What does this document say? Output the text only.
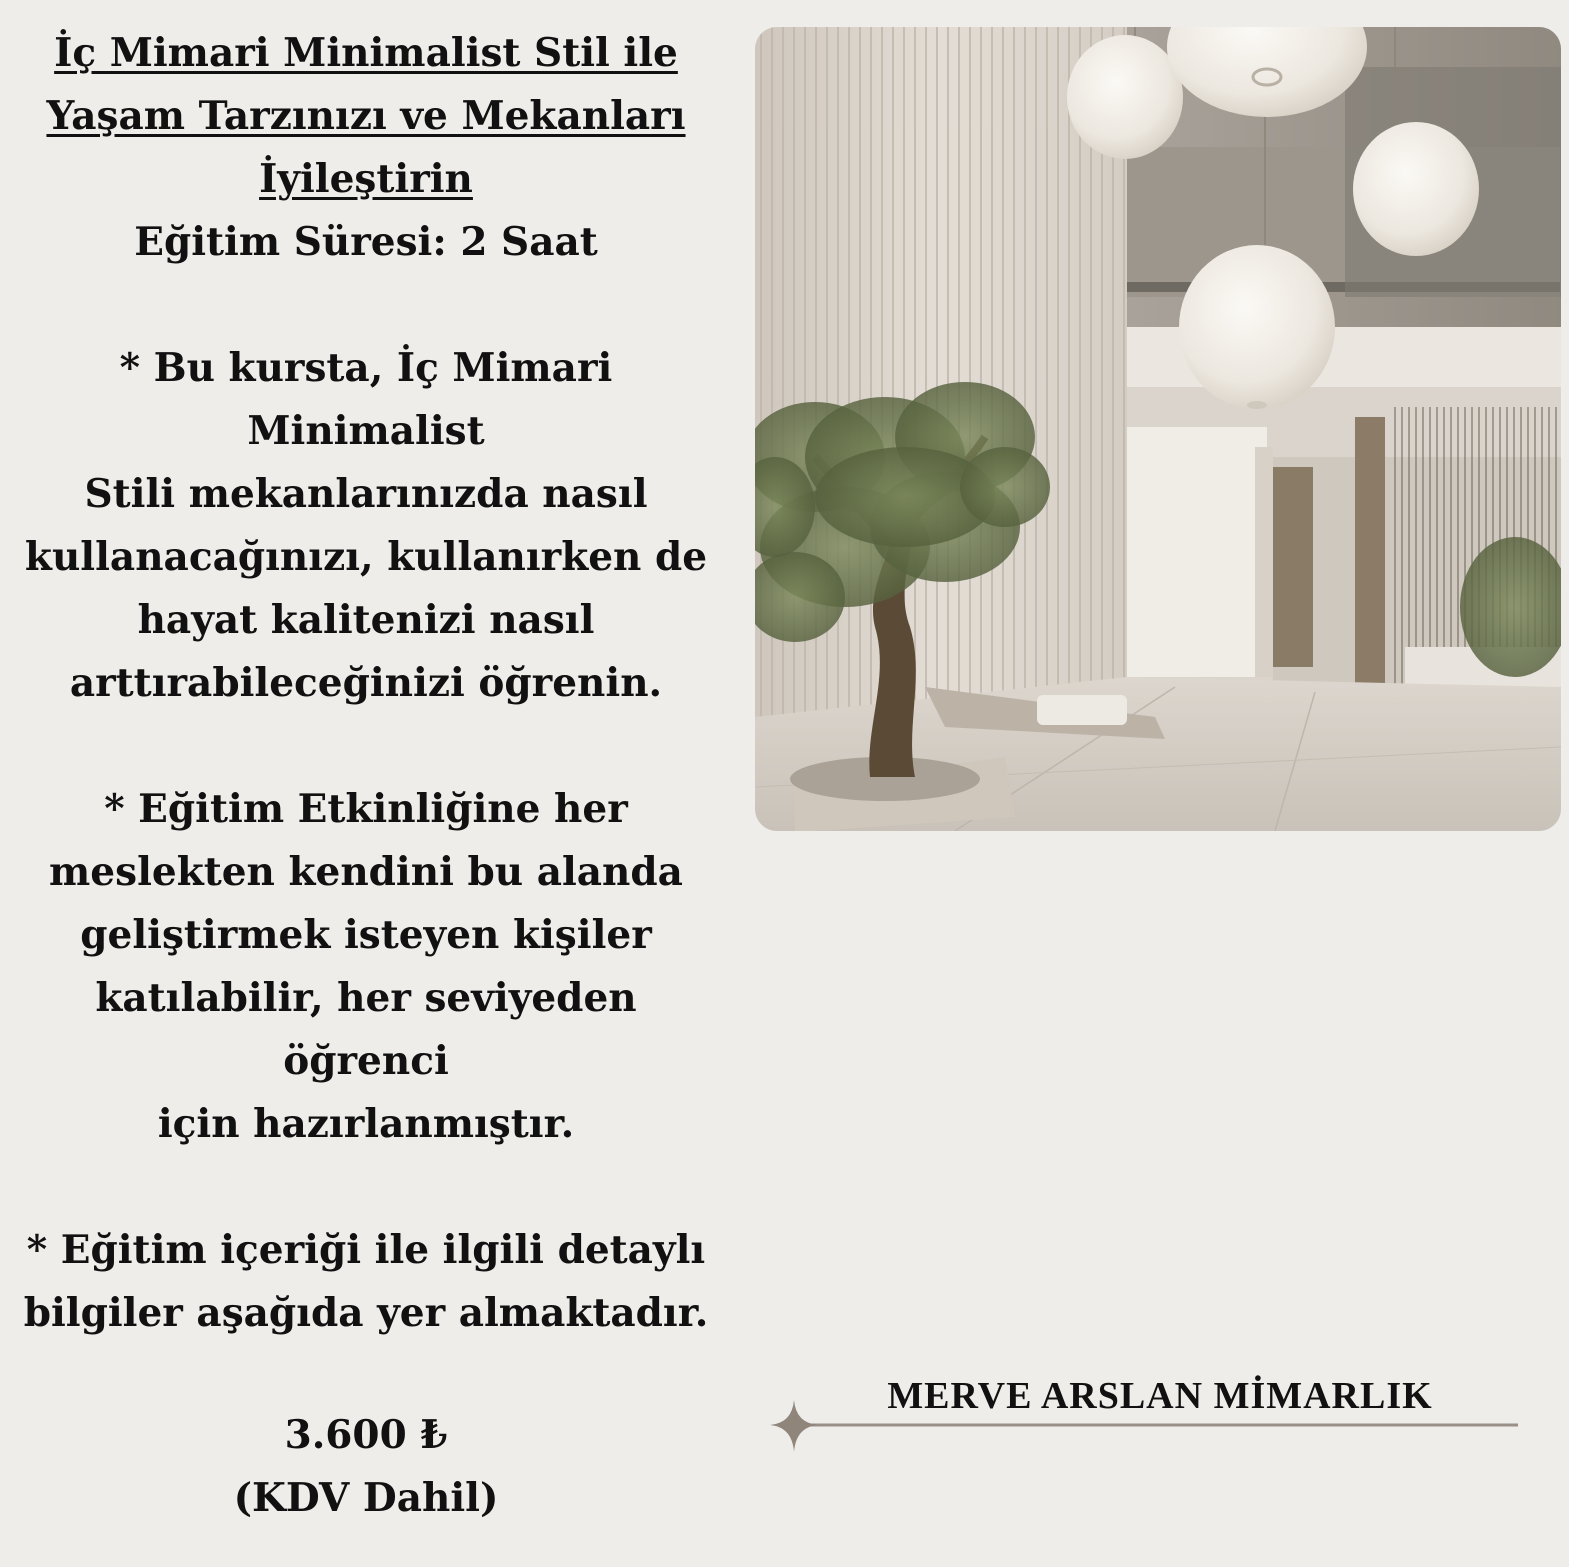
İç Mimari Minimalist Stil ile
Yaşam Tarzınızı ve Mekanları
İyileştirin
Eğitim Süresi: 2 Saat

* Bu kursta, İç Mimari Minimalist

Stili mekanlarınızda nasıl

kullanacağınızı, kullanırken de

hayat kalitenizi nasıl

arttırabileceğinizi öğrenin.

* Eğitim Etkinliğine her

meslekten kendini bu alanda

geliştirmek isteyen kişiler

katılabilir, her seviyeden öğrenci

için hazırlanmıştır.

* Eğitim içeriği ile ilgili detaylı

bilgiler aşağıda yer almaktadır.

3.600 ₺
(KDV Dahil)
MERVE ARSLAN MİMARLIK
